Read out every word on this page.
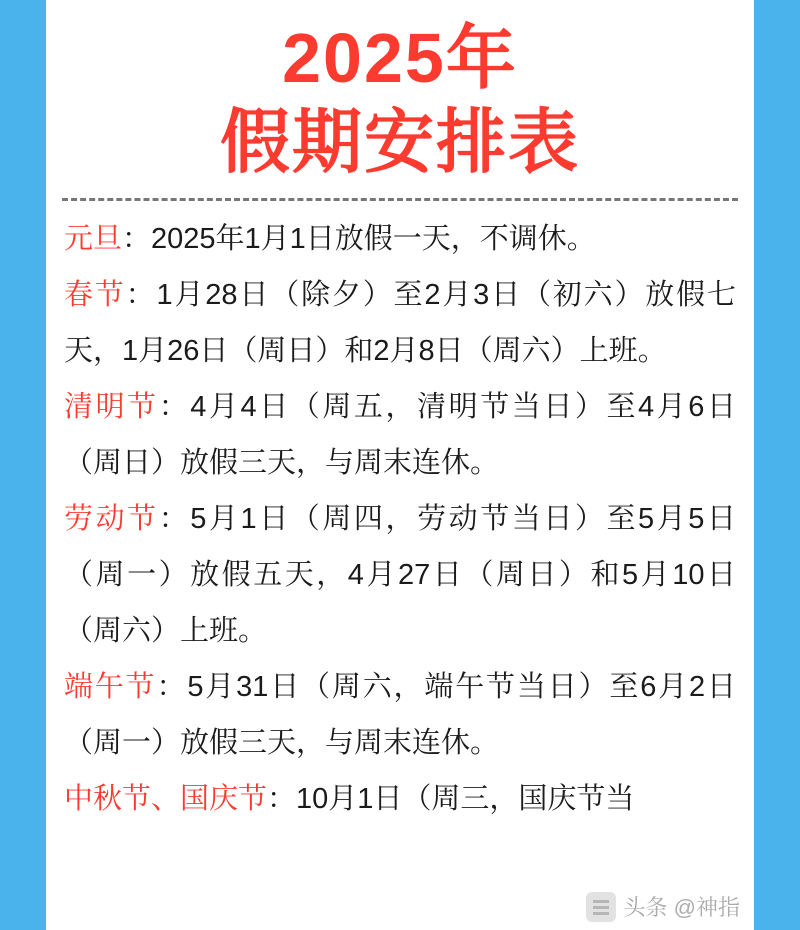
2025年
假期安排表
元旦：2025年1月1日放假一天，不调休。
春节：1月28日（除夕）至2月3日（初六）放假七天，1月26日（周日）和2月8日（周六）上班。
清明节：4月4日（周五，清明节当日）至4月6日（周日）放假三天，与周末连休。
劳动节：5月1日（周四，劳动节当日）至5月5日（周一）放假五天，4月27日（周日）和5月10日（周六）上班。
端午节：5月31日（周六，端午节当日）至6月2日（周一）放假三天，与周末连休。
中秋节、国庆节：10月1日（周三，国庆节当
头条 @神指
